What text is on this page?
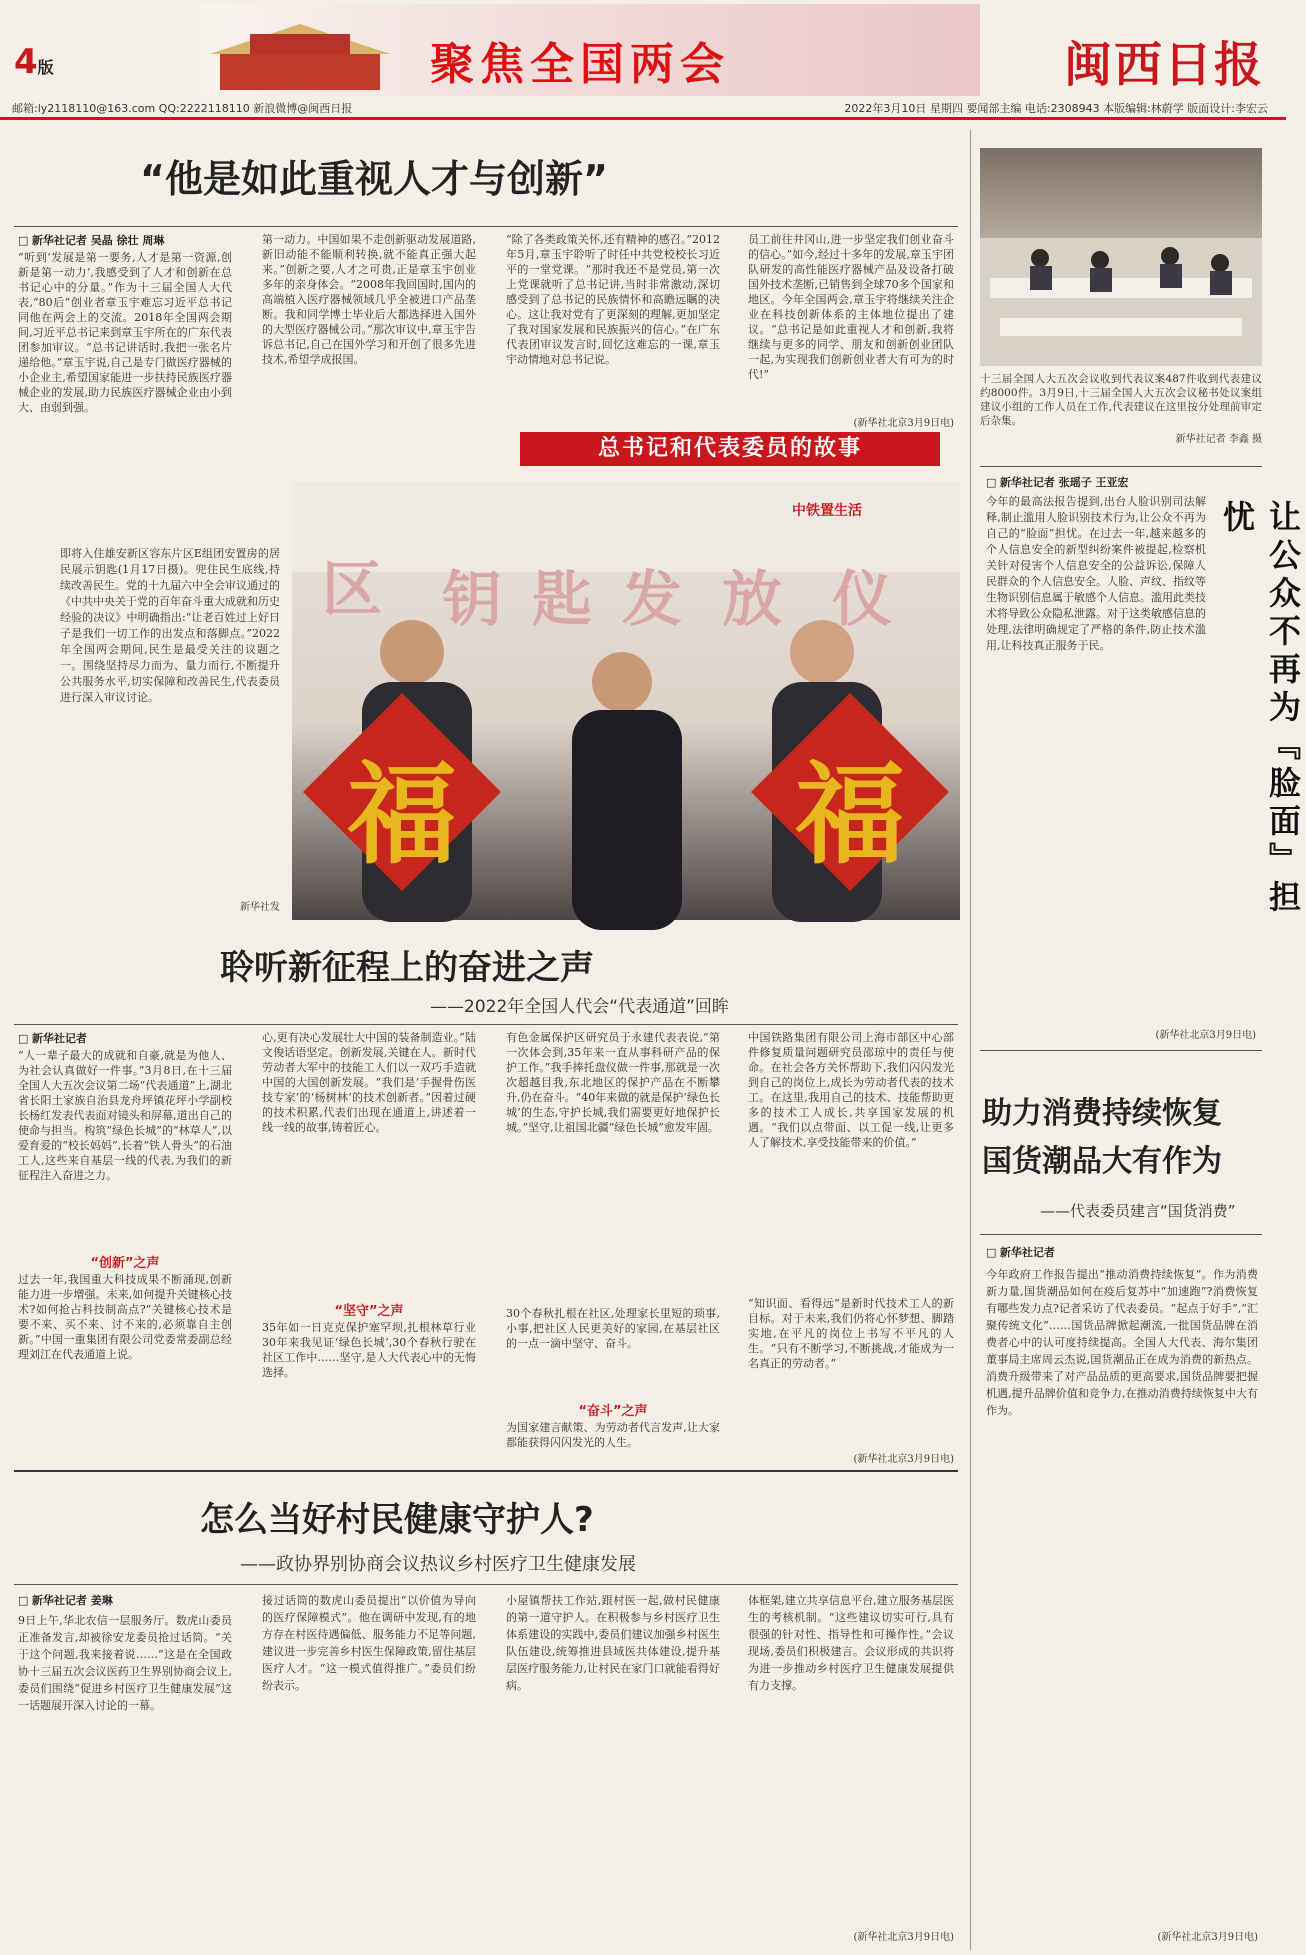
4版	聚焦全国两会	闽西日报
邮箱:ly2118110@163.com QQ:2222118110 新浪微博@闽西日报	2022年3月10日 星期四 要闻部主编 电话:2308943 本版编辑:林蔚学 版面设计:李宏云
“他是如此重视人才与创新”
□ 新华社记者 吴晶 徐壮 周琳
“听到‘发展是第一要务,人才是第一资源,创新是第一动力’,我感受到了人才和创新在总书记心中的分量。”作为十三届全国人大代表,“80后”创业者章玉宇难忘习近平总书记同他在两会上的交流。2018年全国两会期间,习近平总书记来到章玉宇所在的广东代表团参加审议。“总书记讲话时,我把一张名片递给他。”章玉宇说,自己是专门做医疗器械的小企业主,希望国家能进一步扶持民族医疗器械企业的发展,助力民族医疗器械企业由小到大、由弱到强。
第一动力。中国如果不走创新驱动发展道路,新旧动能不能顺利转换,就不能真正强大起来。”创新之要,人才之可贵,正是章玉宇创业多年的亲身体会。“2008年我回国时,国内的高端植入医疗器械领域几乎全被进口产品垄断。我和同学博士毕业后大都选择进入国外的大型医疗器械公司。”那次审议中,章玉宇告诉总书记,自己在国外学习和开创了很多先进技术,希望学成报国。
“除了各类政策关怀,还有精神的感召。”2012年5月,章玉宇聆听了时任中共党校校长习近平的一堂党课。“那时我还不是党员,第一次上党课就听了总书记讲,当时非常激动,深切感受到了总书记的民族情怀和高瞻远瞩的决心。这让我对党有了更深刻的理解,更加坚定了我对国家发展和民族振兴的信心。”在广东代表团审议发言时,回忆这难忘的一课,章玉宇动情地对总书记说。
员工前往井冈山,进一步坚定我们创业奋斗的信心。”如今,经过十多年的发展,章玉宇团队研发的高性能医疗器械产品及设备打破国外技术垄断,已销售到全球70多个国家和地区。今年全国两会,章玉宇将继续关注企业在科技创新体系的主体地位提出了建议。“总书记是如此重视人才和创新,我将继续与更多的同学、朋友和创新创业团队一起,为实现我们创新创业者大有可为的时代!”
(新华社北京3月9日电)
总书记和代表委员的故事
十三届全国人大五次会议收到代表议案487件收到代表建议约8000件。3月9日,十三届全国人大五次会议秘书处议案组建议小组的工作人员在工作,代表建议在这里按分处理前审定后杂集。
新华社记者 李鑫 摄
即将入住雄安新区容东片区E组团安置房的居民展示钥匙(1月17日摄)。兜住民生底线,持续改善民生。党的十九届六中全会审议通过的《中共中央关于党的百年奋斗重大成就和历史经验的决议》中明确指出:“让老百姓过上好日子是我们一切工作的出发点和落脚点。”2022年全国两会期间,民生是最受关注的议题之一。围绕坚持尽力而为、量力而行,不断提升公共服务水平,切实保障和改善民生,代表委员进行深入审议讨论。
新华社发
中铁置生活
区 钥 匙 发 放 仪
福	福
□ 新华社记者 张瑶子 王亚宏
今年的最高法报告提到,出台人脸识别司法解释,制止滥用人脸识别技术行为,让公众不再为自己的“脸面”担忧。在过去一年,越来越多的个人信息安全的新型纠纷案件被提起,检察机关针对侵害个人信息安全的公益诉讼,保障人民群众的个人信息安全。人脸、声纹、指纹等生物识别信息属于敏感个人信息。滥用此类技术将导致公众隐私泄露。对于这类敏感信息的处理,法律明确规定了严格的条件,防止技术滥用,让科技真正服务于民。	让公众不再为『脸面』担忧
(新华社北京3月9日电)
聆听新征程上的奋进之声
——2022年全国人代会“代表通道”回眸
□ 新华社记者
“人一辈子最大的成就和自豪,就是为他人、为社会认真做好一件事。”3月8日,在十三届全国人大五次会议第二场“代表通道”上,湖北省长阳土家族自治县龙舟坪镇花坪小学副校长杨红发表代表面对镜头和屏幕,道出自己的使命与担当。构筑“绿色长城”的“林草人”,以爱育爱的“校长妈妈”,长着“铁人骨头”的石油工人,这些来自基层一线的代表,为我们的新征程注入奋进之力。
“创新”之声
过去一年,我国重大科技成果不断涌现,创新能力进一步增强。未来,如何提升关键核心技术?如何抢占科技制高点?“关键核心技术是要不来、买不来、讨不来的,必须靠自主创新。”中国一重集团有限公司党委常委副总经理刘江在代表通道上说。
心,更有决心发展壮大中国的装备制造业。”陆文俊话语坚定。创新发展,关键在人。新时代劳动者大军中的技能工人们以一双巧手造就中国的大国创新发展。“我们是‘手握骨伤医技专家’的‘杨树林’的技术创新者。”因着过硬的技术积累,代表们出现在通道上,讲述着一线一线的故事,铸着匠心。
“坚守”之声
35年如一日克克保护塞罕坝,扎根林草行业30年来我见证‘绿色长城’,30个春秋行驶在社区工作中……坚守,是人大代表心中的无悔选择。
有色金属保护区研究员于永建代表表说,“第一次体会到,35年来一直从事科研产品的保护工作。”我手捧托盘仪做一件事,那就是一次次超越目我,东北地区的保护产品在不断攀升,仍在奋斗。“40年来做的就是保护‘绿色长城’的生态,守护长城,我们需要更好地保护长城。”坚守,让祖国北疆“绿色长城”愈发牢固。
30个春秋扎根在社区,处理家长里短的琐事,小事,把社区人民更美好的家园,在基层社区的一点一滴中坚守、奋斗。
“奋斗”之声
为国家建言献策、为劳动者代言发声,让大家都能获得闪闪发光的人生。
中国铁路集团有限公司上海市部区中心部件修复质量问题研究员邵琼中的责任与使命。在社会各方关怀帮助下,我们闪闪发光到自己的岗位上,成长为劳动者代表的技术工。在这里,我用自己的技术、技能帮助更多的技术工人成长,共享国家发展的机遇。“我们以点带面、以工促一线,让更多人了解技术,享受技能带来的价值。”
“知识面、看得远”是新时代技术工人的新目标。对于未来,我们仍将心怀梦想、脚踏实地,在平凡的岗位上书写不平凡的人生。“只有不断学习,不断挑战,才能成为一名真正的劳动者。”
(新华社北京3月9日电)
助力消费持续恢复 国货潮品大有作为
——代表委员建言“国货消费”
□ 新华社记者
今年政府工作报告提出“推动消费持续恢复”。作为消费新力量,国货潮品如何在疫后复苏中“加速跑”?消费恢复有哪些发力点?记者采访了代表委员。“起点于好手”,“汇聚传统文化”……国货品牌掀起潮流,一批国货品牌在消费者心中的认可度持续提高。全国人大代表、海尔集团董事局主席周云杰说,国货潮品正在成为消费的新热点。消费升级带来了对产品品质的更高要求,国货品牌要把握机遇,提升品牌价值和竞争力,在推动消费持续恢复中大有作为。
(新华社北京3月9日电)
怎么当好村民健康守护人?
——政协界别协商会议热议乡村医疗卫生健康发展
□ 新华社记者 姜琳
9日上午,华北农信一层服务厅。数虎山委员正准备发言,却被徐安龙委员抢过话筒。“关于这个问题,我来接着说……”这是在全国政协十三届五次会议医药卫生界别协商会议上,委员们围绕“促进乡村医疗卫生健康发展”这一话题展开深入讨论的一幕。
接过话筒的数虎山委员提出“以价值为导向的医疗保障模式”。他在调研中发现,有的地方存在村医待遇偏低、服务能力不足等问题,建议进一步完善乡村医生保障政策,留住基层医疗人才。“这一模式值得推广。”委员们纷纷表示。
小屋镇帮扶工作站,跟村医一起,做村民健康的第一道守护人。在积极参与乡村医疗卫生体系建设的实践中,委员们建议加强乡村医生队伍建设,统筹推进县域医共体建设,提升基层医疗服务能力,让村民在家门口就能看得好病。
体框架,建立共享信息平台,建立服务基层医生的考核机制。“这些建议切实可行,具有很强的针对性、指导性和可操作性。”会议现场,委员们积极建言。会议形成的共识将为进一步推动乡村医疗卫生健康发展提供有力支撑。
(新华社北京3月9日电)
